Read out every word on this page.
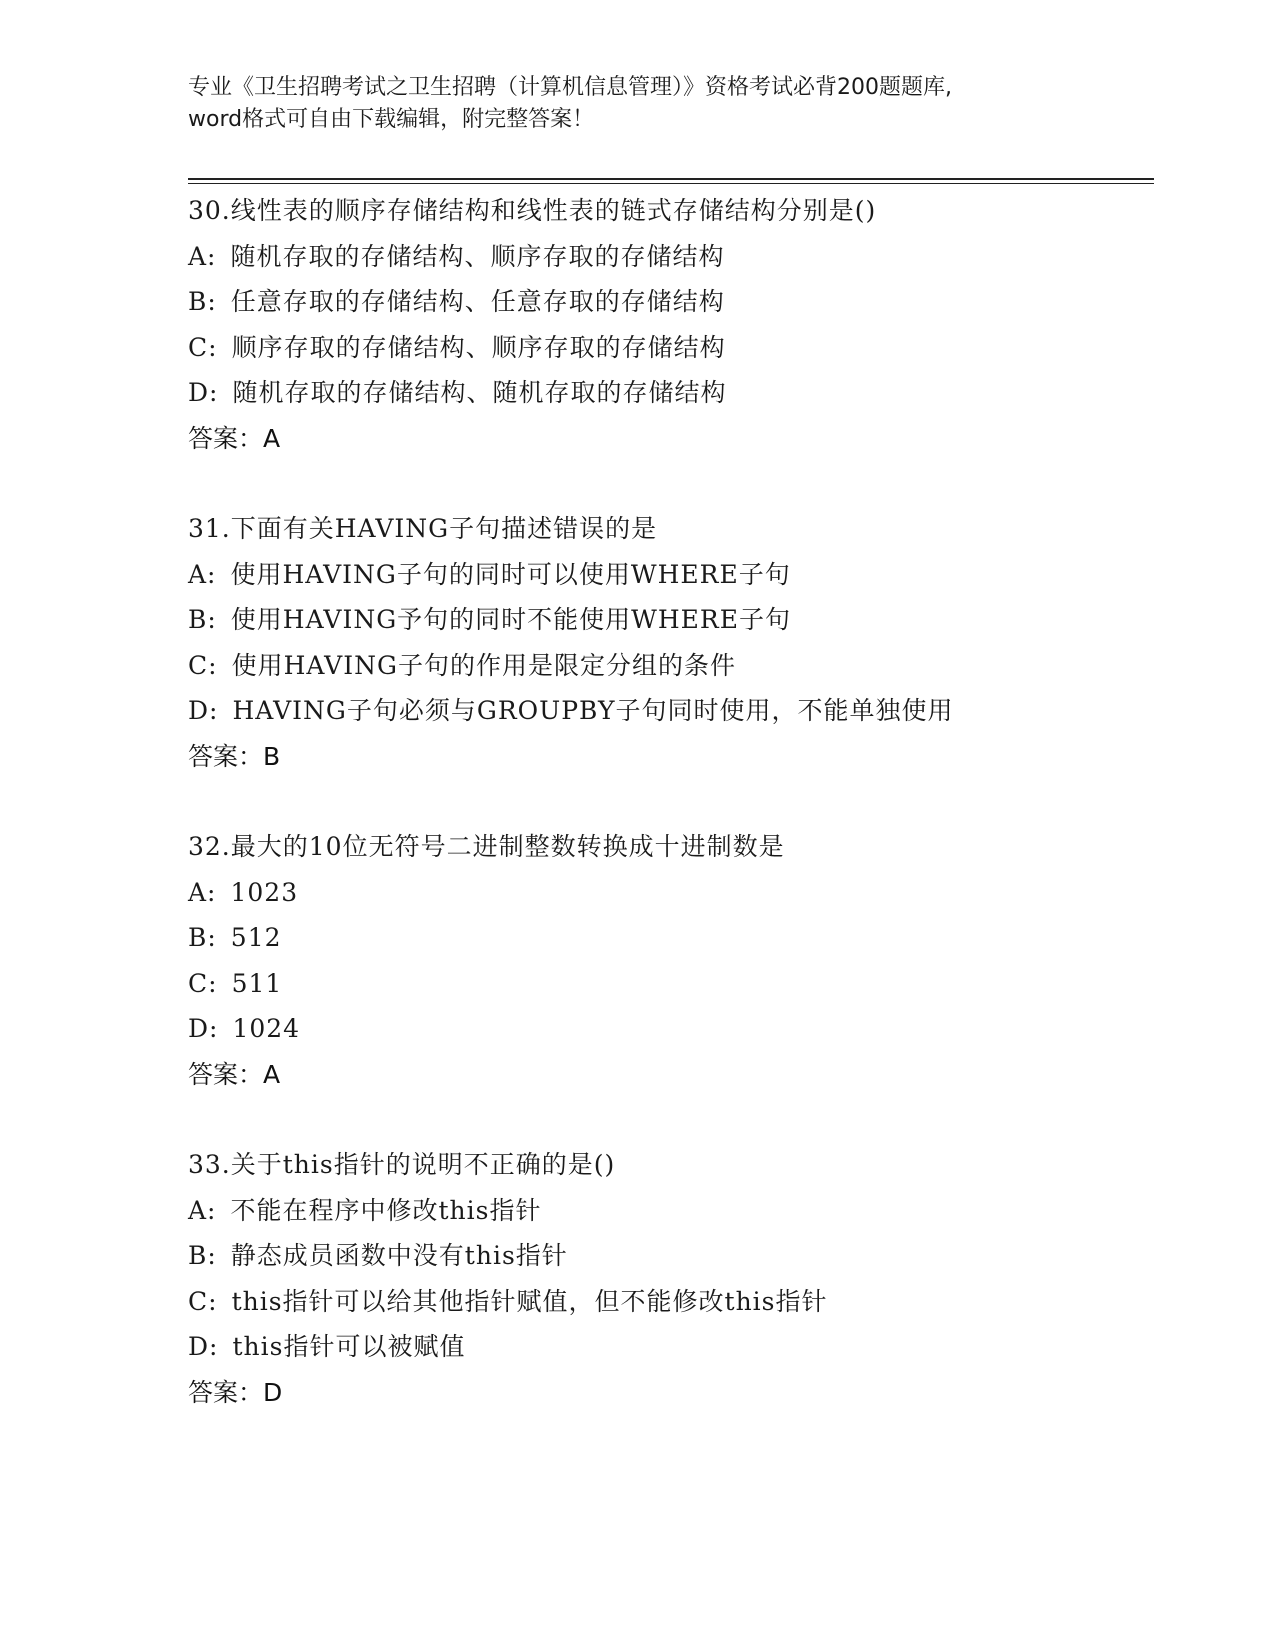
专业《卫生招聘考试之卫生招聘（计算机信息管理）》资格考试必背200题题库,
word格式可自由下载编辑，附完整答案！
30.线性表的顺序存储结构和线性表的链式存储结构分别是()
A: 随机存取的存储结构、顺序存取的存储结构
B: 任意存取的存储结构、任意存取的存储结构
C: 顺序存取的存储结构、顺序存取的存储结构
D: 随机存取的存储结构、随机存取的存储结构
答案：A
31.下面有关HAVING子句描述错误的是
A: 使用HAVING子句的同时可以使用WHERE子句
B: 使用HAVING予句的同时不能使用WHERE子句
C: 使用HAVING子句的作用是限定分组的条件
D: HAVING子句必须与GROUPBY子句同时使用，不能单独使用
答案：B
32.最大的10位无符号二进制整数转换成十进制数是
A: 1023
B: 512
C: 511
D: 1024
答案：A
33.关于this指针的说明不正确的是()
A: 不能在程序中修改this指针
B: 静态成员函数中没有this指针
C: this指针可以给其他指针赋值，但不能修改this指针
D: this指针可以被赋值
答案：D
